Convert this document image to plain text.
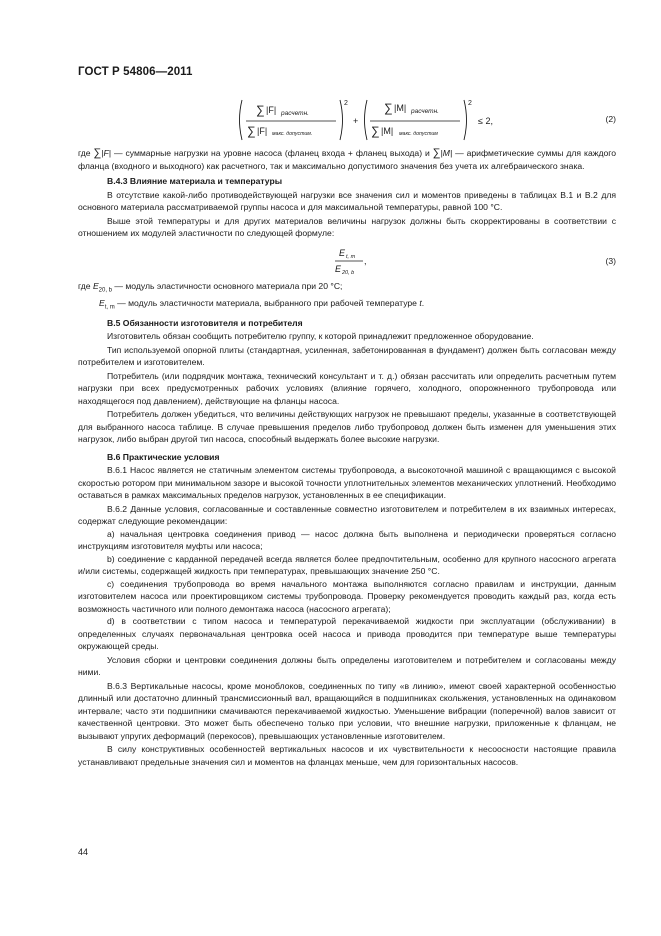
ГОСТ Р 54806—2011
∑ |F| расчетн.
∑ |F| макс. допустим.
2
+
∑ |M| расчетн.
∑ |M| макс. допустим
2
≤ 2,	(2)

где ∑|F| — суммарные нагрузки на уровне насоса (фланец входа + фланец выхода) и ∑|M| — арифметические суммы для каждого фланца (входного и выходного) как расчетного, так и максимально допустимого значения без учета их алгебраического знака.

В.4.3 Влияние материала и температуры

В отсутствие какой-либо противодействующей нагрузки все значения сил и моментов приведены в таблицах В.1 и В.2 для основного материала рассматриваемой группы насоса и для максимальной температуры, равной 100 °С.

Выше этой температуры и для других материалов величины нагрузок должны быть скорректированы в соответствии с отношением их модулей эластичности по следующей формуле:

E t, m
E 20, b
,	(3)

где $E_{20, b}$ — модуль эластичности основного материала при 20 °С;

$E_{t, m}$ — модуль эластичности материала, выбранного при рабочей температуре t.

В.5 Обязанности изготовителя и потребителя

Изготовитель обязан сообщить потребителю группу, к которой принадлежит предложенное оборудование.

Тип используемой опорной плиты (стандартная, усиленная, забетонированная в фундамент) должен быть согласован между потребителем и изготовителем.

Потребитель (или подрядчик монтажа, технический консультант и т. д.) обязан рассчитать или определить расчетным путем нагрузки при всех предусмотренных рабочих условиях (влияние горячего, холодного, опорожненного трубопровода или находящегося под давлением), действующие на фланцы насоса.

Потребитель должен убедиться, что величины действующих нагрузок не превышают пределы, указанные в соответствующей для выбранного насоса таблице. В случае превышения пределов либо трубопровод должен быть изменен для уменьшения этих нагрузок, либо выбран другой тип насоса, способный выдержать более высокие нагрузки.

В.6 Практические условия

В.6.1 Насос является не статичным элементом системы трубопровода, а высокоточной машиной с вращающимся с высокой скоростью ротором при минимальном зазоре и высокой точности уплотнительных элементов механических уплотнений. Необходимо оставаться в рамках максимальных пределов нагрузок, установленных в ее спецификации.

В.6.2 Данные условия, согласованные и составленные совместно изготовителем и потребителем в их взаимных интересах, содержат следующие рекомендации:

a) начальная центровка соединения привод — насос должна быть выполнена и периодически проверяться согласно инструкциям изготовителя муфты или насоса;

b) соединение с карданной передачей всегда является более предпочтительным, особенно для крупного насосного агрегата и/или системы, содержащей жидкость при температурах, превышающих значение 250 °С.

c) соединения трубопровода во время начального монтажа выполняются согласно правилам и инструкции, данным изготовителем насоса или проектировщиком системы трубопровода. Проверку рекомендуется проводить каждый раз, когда есть возможность частичного или полного демонтажа насоса (насосного агрегата);

d) в соответствии с типом насоса и температурой перекачиваемой жидкости при эксплуатации (обслуживании) в определенных случаях первоначальная центровка осей насоса и привода проводится при температуре выше температуры окружающей среды.

Условия сборки и центровки соединения должны быть определены изготовителем и потребителем и согласованы между ними.

В.6.3 Вертикальные насосы, кроме моноблоков, соединенных по типу «в линию», имеют своей характерной особенностью длинный или достаточно длинный трансмиссионный вал, вращающийся в подшипниках скольжения, установленных на одинаковом интервале; часто эти подшипники смачиваются перекачиваемой жидкостью. Уменьшение вибрации (поперечной) валов зависит от качественной центровки. Это может быть обеспечено только при условии, что внешние нагрузки, приложенные к фланцам, не вызывают упругих деформаций (перекосов), превышающих установленные изготовителем.

В силу конструктивных особенностей вертикальных насосов и их чувствительности к несоосности настоящие правила устанавливают предельные значения сил и моментов на фланцах меньше, чем для горизонтальных насосов.

44
